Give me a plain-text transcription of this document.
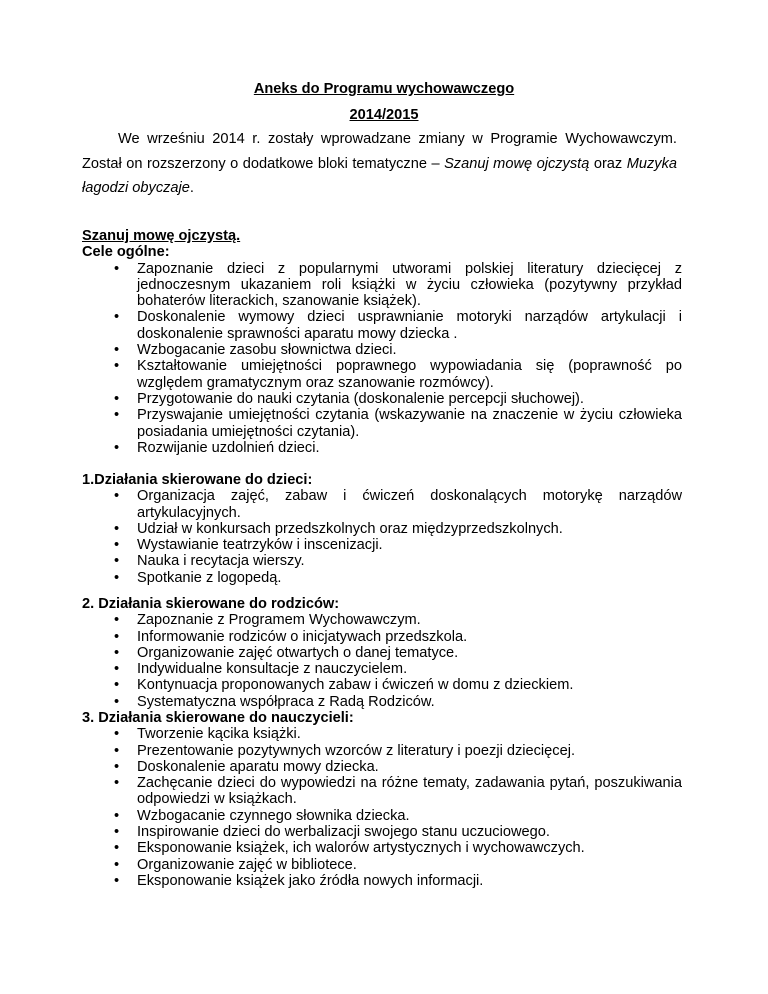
Aneks do Programu wychowawczego
2014/2015
We wrześniu 2014 r. zostały wprowadzane zmiany w Programie Wychowawczym. Został on rozszerzony o dodatkowe bloki tematyczne – Szanuj mowę ojczystą oraz Muzyka łagodzi obyczaje.
Szanuj mowę ojczystą.
Cele ogólne:
• Zapoznanie dzieci z popularnymi utworami polskiej literatury dziecięcej z jednoczesnym ukazaniem roli książki w życiu człowieka (pozytywny przykład bohaterów literackich, szanowanie książek).
• Doskonalenie wymowy dzieci usprawnianie motoryki narządów artykulacji i doskonalenie sprawności aparatu mowy dziecka .
• Wzbogacanie zasobu słownictwa dzieci.
• Kształtowanie umiejętności poprawnego wypowiadania się (poprawność po względem gramatycznym oraz szanowanie rozmówcy).
• Przygotowanie do nauki czytania (doskonalenie percepcji słuchowej).
• Przyswajanie umiejętności czytania (wskazywanie na znaczenie w życiu człowieka posiadania umiejętności czytania).
• Rozwijanie uzdolnień dzieci.
1.Działania skierowane do dzieci:
• Organizacja zajęć, zabaw i ćwiczeń doskonalących motorykę narządów artykulacyjnych.
• Udział w konkursach przedszkolnych oraz międzyprzedszkolnych.
• Wystawianie teatrzyków i inscenizacji.
• Nauka i recytacja wierszy.
• Spotkanie z logopedą.
2. Działania skierowane do rodziców:
• Zapoznanie z Programem Wychowawczym.
• Informowanie rodziców o inicjatywach przedszkola.
• Organizowanie zajęć otwartych o danej tematyce.
• Indywidualne konsultacje z nauczycielem.
• Kontynuacja proponowanych zabaw i ćwiczeń w domu z dzieckiem.
• Systematyczna współpraca z Radą Rodziców.
3. Działania skierowane do nauczycieli:
• Tworzenie kącika książki.
• Prezentowanie pozytywnych wzorców z literatury i poezji dziecięcej.
• Doskonalenie aparatu mowy dziecka.
• Zachęcanie dzieci do wypowiedzi na różne tematy, zadawania pytań, poszukiwania odpowiedzi w książkach.
• Wzbogacanie czynnego słownika dziecka.
• Inspirowanie dzieci do werbalizacji swojego stanu uczuciowego.
• Eksponowanie książek, ich walorów artystycznych i wychowawczych.
• Organizowanie zajęć w bibliotece.
• Eksponowanie książek jako źródła nowych informacji.
